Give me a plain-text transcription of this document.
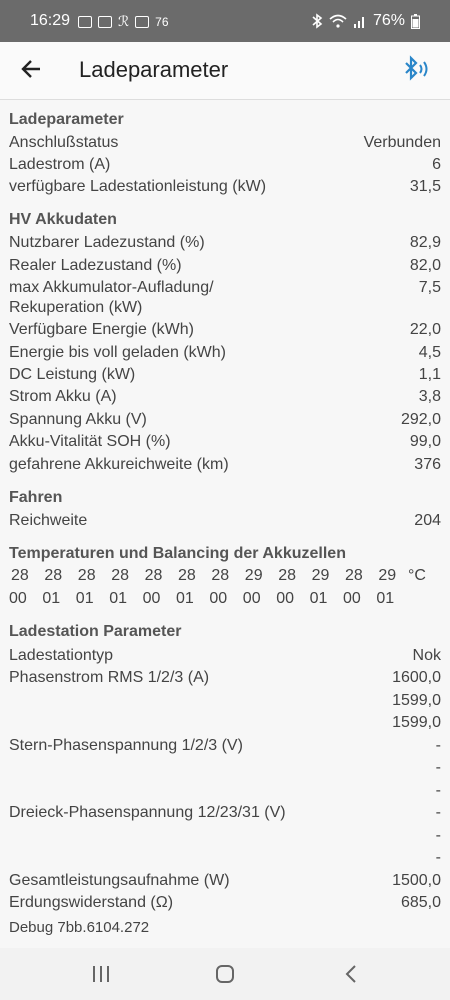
16:29	ℛ 76	76%
Ladeparameter
Ladeparameter
Anschlußstatus	Verbunden
Ladestrom (A)	6
verfügbare Ladestationleistung (kW)	31,5
HV Akkudaten
Nutzbarer Ladezustand (%)	82,9
Realer Ladezustand (%)	82,0
max Akkumulator-Aufladung/
Rekuperation (kW)
7,5
Verfügbare Energie (kWh)	22,0
Energie bis voll geladen (kWh)	4,5
DC Leistung (kW)	1,1
Strom Akku (A)	3,8
Spannung Akku (V)	292,0
Akku-Vitalität SOH (%)	99,0
gefahrene Akkureichweite (km)	376
Fahren
Reichweite	204
Temperaturen und Balancing der Akkuzellen
°C
Ladestation Parameter
Ladestationtyp	Nok
Phasenstrom RMS 1/2/3 (A)	1600,0
1599,0
1599,0
Stern-Phasenspannung 1/2/3 (V)	-
-
-
Dreieck-Phasenspannung 12/23/31 (V)	-
-
-
Gesamtleistungsaufnahme (W)	1500,0
Erdungswiderstand (Ω)	685,0
Debug 7bb.6104.272
28 28 28 28 28 28 28 29 28 29 28 29
00 01 01 01 00 01 00 00 00 01 00 01
